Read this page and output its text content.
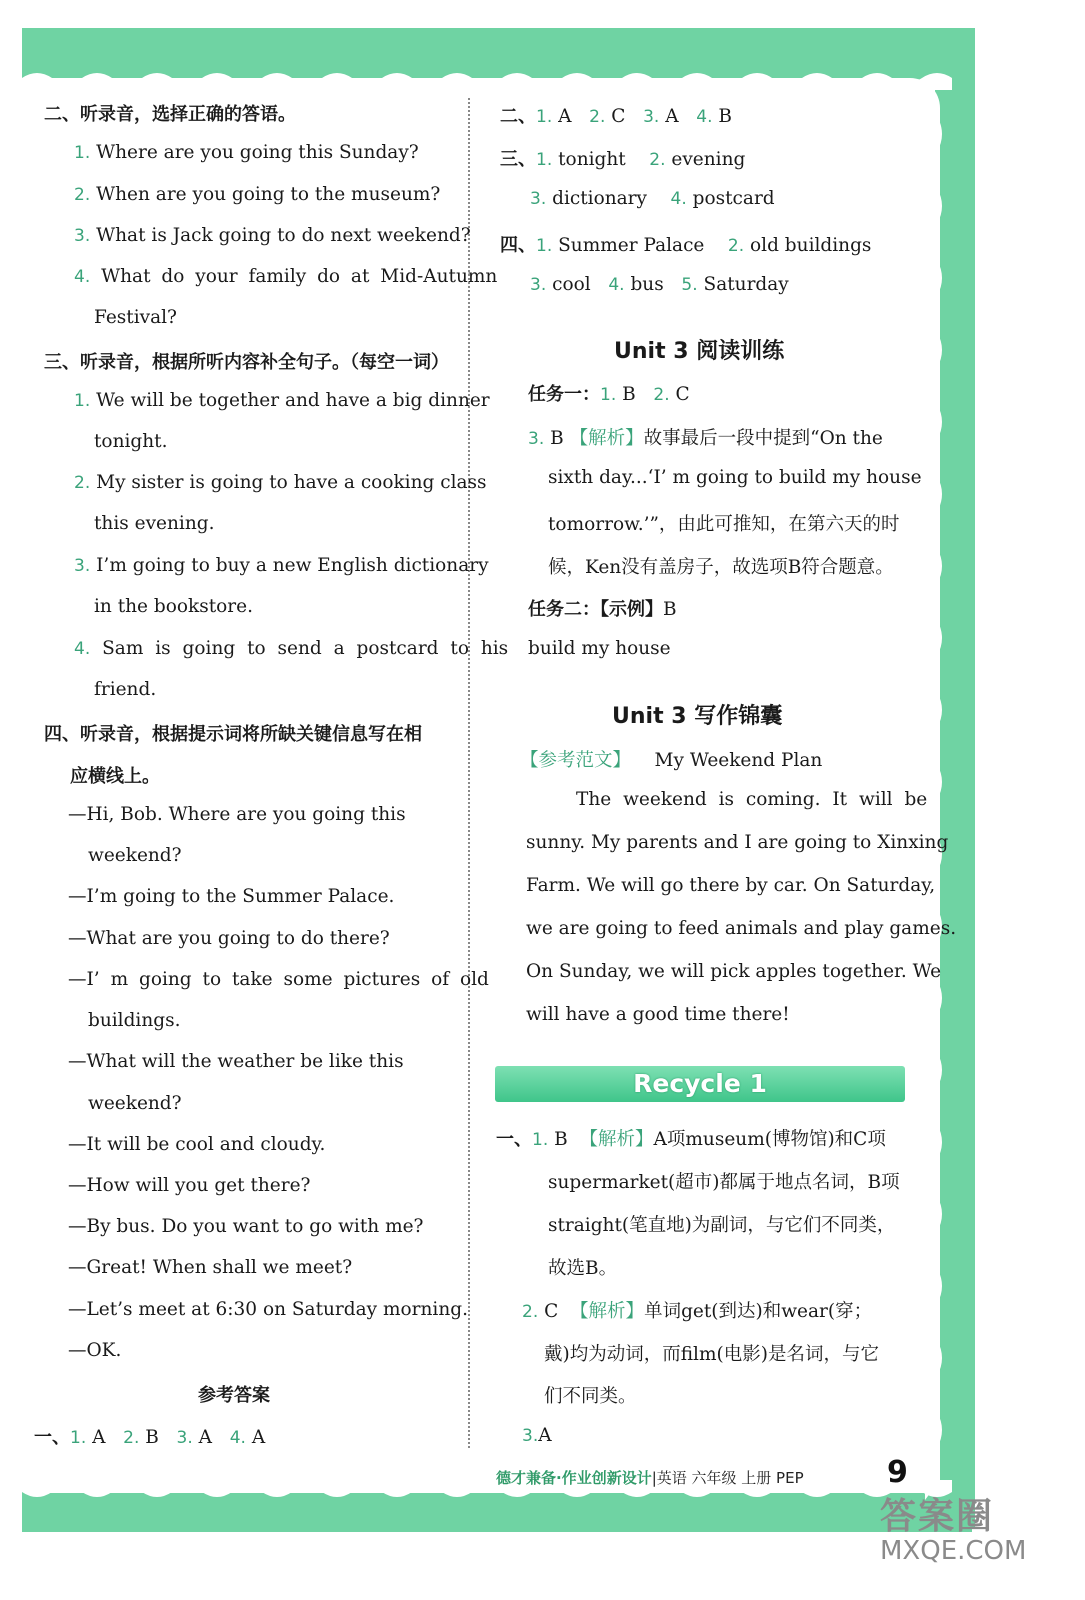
二、听录音，选择正确的答语。
1. Where are you going this Sunday?
2. When are you going to the museum?
3. What is Jack going to do next weekend?
4. What do your family do at Mid-Autumn
Festival?
三、听录音，根据所听内容补全句子。（每空一词）
1. We will be together and have a big dinner
tonight.
2. My sister is going to have a cooking class
this evening.
3. I’m going to buy a new English dictionary
in the bookstore.
4. Sam is going to send a postcard to his
friend.
四、听录音，根据提示词将所缺关键信息写在相
应横线上。
—Hi, Bob. Where are you going this
weekend?
—I’m going to the Summer Palace.
—What are you going to do there?
—I’ m going to take some pictures of old
buildings.
—What will the weather be like this
weekend?
—It will be cool and cloudy.
—How will you get there?
—By bus. Do you want to go with me?
—Great! When shall we meet?
—Let’s meet at 6:30 on Saturday morning.
—OK.
参考答案
一、1. A 2. B 3. A 4. A
二、1. A 2. C 3. A 4. B
三、1. tonight 2. evening
3. dictionary 4. postcard
四、1. Summer Palace 2. old buildings
3. cool 4. bus 5. Saturday
Unit 3 阅读训练
任务一：1. B 2. C
3. B 【解析】故事最后一段中提到“On the
sixth day...‘I’ m going to build my house
tomorrow.’”，由此可推知，在第六天的时
候，Ken没有盖房子，故选项B符合题意。
任务二：【示例】B
build my house
Unit 3 写作锦囊
【参考范文】 My Weekend Plan
The weekend is coming. It will be
sunny. My parents and I are going to Xinxing
Farm. We will go there by car. On Saturday,
we are going to feed animals and play games.
On Sunday, we will pick apples together. We
will have a good time there!
Recycle 1
一、1. B 【解析】A项museum(博物馆)和C项
supermarket(超市)都属于地点名词，B项
straight(笔直地)为副词，与它们不同类，
故选B。
2. C 【解析】单词get(到达)和wear(穿；
戴)均为动词，而film(电影)是名词，与它
们不同类。
3.A
德才兼备·作业创新设计|英语 六年级 上册 PEP	9
答案圈
MXQE.COM
